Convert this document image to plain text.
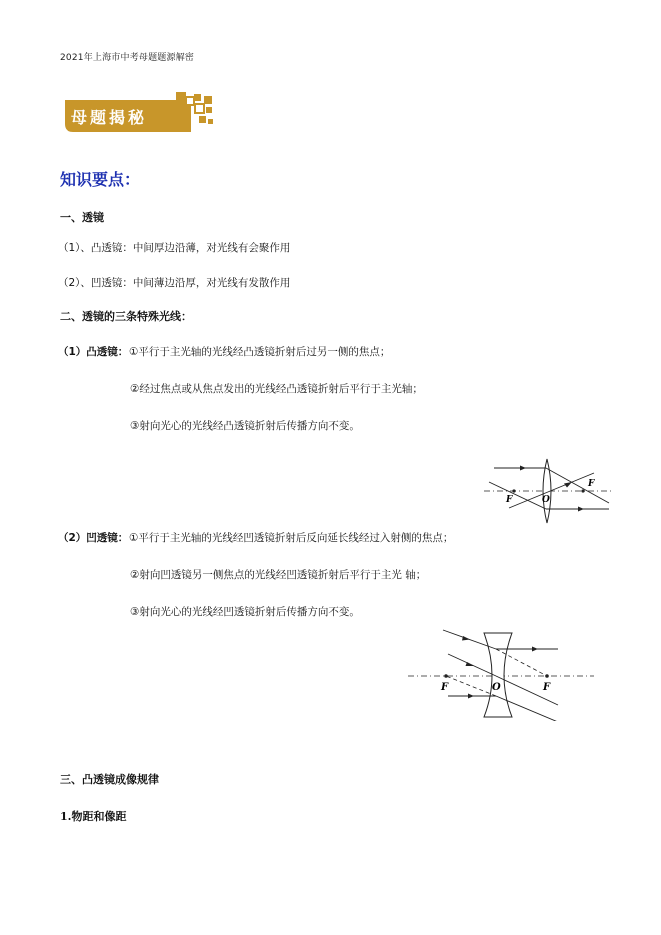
2021年上海市中考母题题源解密
母题揭秘
知识要点：
一、透镜
（1）、凸透镜：中间厚边沿薄，对光线有会聚作用
（2）、凹透镜：中间薄边沿厚，对光线有发散作用
二、透镜的三条特殊光线：
（1）凸透镜： ①平行于主光轴的光线经凸透镜折射后过另一侧的焦点；
②经过焦点或从焦点发出的光线经凸透镜折射后平行于主光轴；
③射向光心的光线经凸透镜折射后传播方向不变。
F
F
O
（2）凹透镜： ①平行于主光轴的光线经凹透镜折射后反向延长线经过入射侧的焦点；
②射向凹透镜另一侧焦点的光线经凹透镜折射后平行于主光 轴；
③射向光心的光线经凹透镜折射后传播方向不变。
F	O	F
三、凸透镜成像规律
1.物距和像距
